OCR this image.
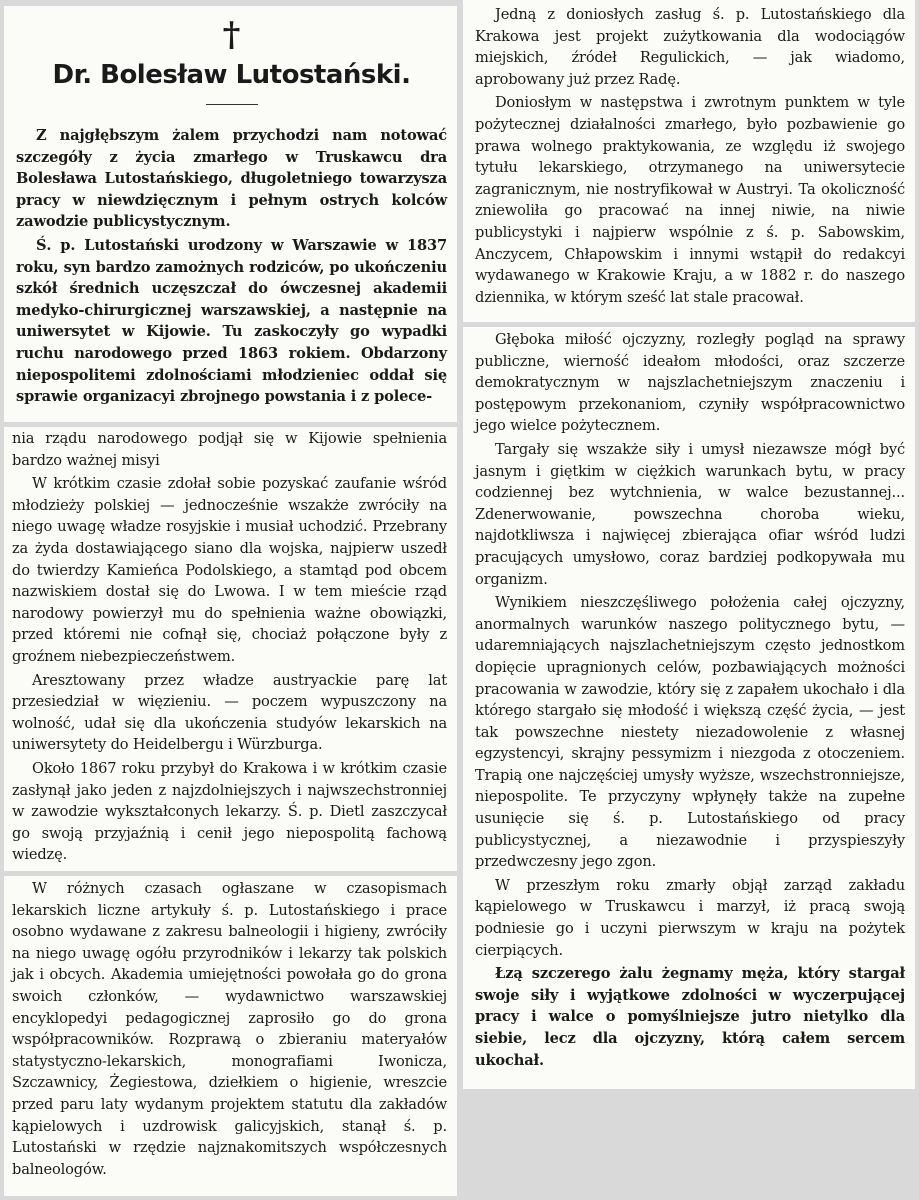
†
Dr. Bolesław Lutostański.

Z najgłębszym żalem przychodzi nam notować szczegóły z życia zmarłego w Truskawcu dra Bolesława Lutostańskiego, długoletniego towarzysza pracy w niewdzięcznym i pełnym ostrych kolców zawodzie publicystycznym.

Ś. p. Lutostański urodzony w Warszawie w 1837 roku, syn bardzo zamożnych rodziców, po ukończeniu szkół średnich uczęszczał do ówczesnej akademii medyko-chirurgicznej warszawskiej, a następnie na uniwersytet w Kijowie. Tu zaskoczyły go wypadki ruchu narodowego przed 1863 rokiem. Obdarzony niepospolitemi zdolnościami młodzieniec oddał się sprawie organizacyi zbrojnego powstania i z polece-

nia rządu narodowego podjął się w Kijowie spełnienia bardzo ważnej misyi

W krótkim czasie zdołał sobie pozyskać zaufanie wśród młodzieży polskiej — jednocześnie wszakże zwróciły na niego uwagę władze rosyjskie i musiał uchodzić. Przebrany za żyda dostawiającego siano dla wojska, najpierw uszedł do twierdzy Kamieńca Podolskiego, a stamtąd pod obcem nazwiskiem dostał się do Lwowa. I w tem mieście rząd narodowy powierzył mu do spełnienia ważne obowiązki, przed któremi nie cofnął się, chociaż połączone były z groźnem niebezpieczeństwem.

Aresztowany przez władze austryackie parę lat przesiedział w więzieniu. — poczem wypuszczony na wolność, udał się dla ukończenia studyów lekarskich na uniwersytety do Heidelbergu i Würzburga.

Około 1867 roku przybył do Krakowa i w krótkim czasie zasłynął jako jeden z najzdolniejszych i najwszechstronniej w zawodzie wykształconych lekarzy. Ś. p. Dietl zaszczycał go swoją przyjaźnią i cenił jego niepospolitą fachową wiedzę.

W różnych czasach ogłaszane w czasopismach lekarskich liczne artykuły ś. p. Lutostańskiego i prace osobno wydawane z zakresu balneologii i higieny, zwróciły na niego uwagę ogółu przyrodników i lekarzy tak polskich jak i obcych. Akademia umiejętności powołała go do grona swoich członków, — wydawnictwo warszawskiej encyklopedyi pedagogicznej zaprosiło go do grona współpracowników. Rozprawą o zbieraniu materyałów statystyczno-lekarskich, monografiami Iwonicza, Szczawnicy, Żegiestowa, dziełkiem o higienie, wreszcie przed paru laty wydanym projektem statutu dla zakładów kąpielowych i uzdrowisk galicyjskich, stanął ś. p. Lutostański w rzędzie najznakomitszych współczesnych balneologów.

Jedną z doniosłych zasług ś. p. Lutostańskiego dla Krakowa jest projekt zużytkowania dla wodociągów miejskich, źródeł Regulickich, — jak wiadomo, aprobowany już przez Radę.

Doniosłym w następstwa i zwrotnym punktem w tyle pożytecznej działalności zmarłego, było pozbawienie go prawa wolnego praktykowania, ze względu iż swojego tytułu lekarskiego, otrzymanego na uniwersytecie zagranicznym, nie nostryfikował w Austryi. Ta okoliczność zniewoliła go pracować na innej niwie, na niwie publicystyki i najpierw wspólnie z ś. p. Sabowskim, Anczycem, Chłapowskim i innymi wstąpił do redakcyi wydawanego w Krakowie Kraju, a w 1882 r. do naszego dziennika, w którym sześć lat stale pracował.

Głęboka miłość ojczyzny, rozległy pogląd na sprawy publiczne, wierność ideałom młodości, oraz szczerze demokratycznym w najszlachetniejszym znaczeniu i postępowym przekonaniom, czyniły współpracownictwo jego wielce pożytecznem.

Targały się wszakże siły i umysł niezawsze mógł być jasnym i giętkim w ciężkich warunkach bytu, w pracy codziennej bez wytchnienia, w walce bezustannej... Zdenerwowanie, powszechna choroba wieku, najdotkliwsza i najwięcej zbierająca ofiar wśród ludzi pracujących umysłowo, coraz bardziej podkopywała mu organizm.

Wynikiem nieszczęśliwego położenia całej ojczyzny, anormalnych warunków naszego politycznego bytu, — udaremniających najszlachetniejszym często jednostkom dopięcie upragnionych celów, pozbawiających możności pracowania w zawodzie, który się z zapałem ukochało i dla którego stargało się młodość i większą część życia, — jest tak powszechne niestety niezadowolenie z własnej egzystencyi, skrajny pessymizm i niezgoda z otoczeniem. Trapią one najczęściej umysły wyższe, wszechstronniejsze, niepospolite. Te przyczyny wpłynęły także na zupełne usunięcie się ś. p. Lutostańskiego od pracy publicystycznej, a niezawodnie i przyspieszyły przedwczesny jego zgon.

W przeszłym roku zmarły objął zarząd zakładu kąpielowego w Truskawcu i marzył, iż pracą swoją podniesie go i uczyni pierwszym w kraju na pożytek cierpiących.

Łzą szczerego żalu żegnamy męża, który stargał swoje siły i wyjątkowe zdolności w wyczerpującej pracy i walce o pomyślniejsze jutro nietylko dla siebie, lecz dla ojczyzny, którą całem sercem ukochał.
